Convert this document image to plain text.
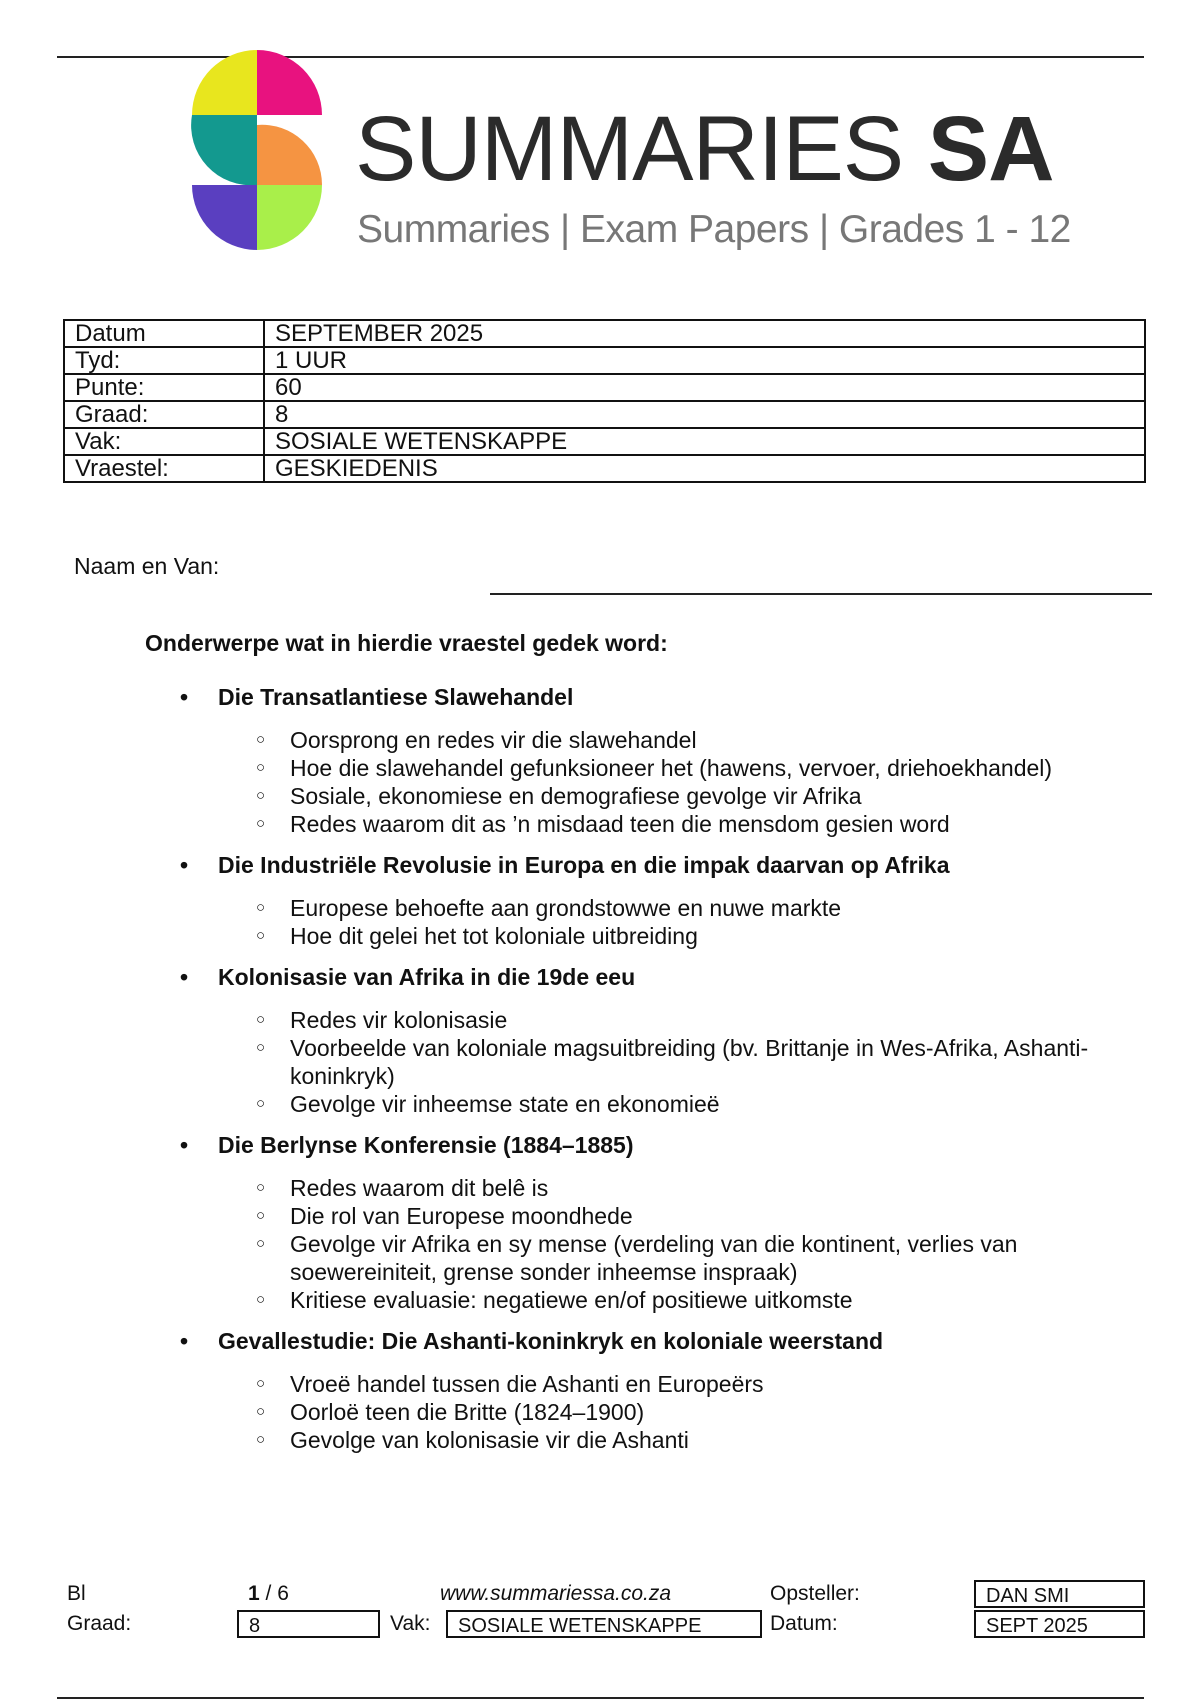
SUMMARIES SA
Summaries | Exam Papers | Grades 1 - 12
Datum	SEPTEMBER 2025
Tyd:	1 UUR
Punte:	60
Graad:	8
Vak:	SOSIALE WETENSKAPPE
Vraestel:	GESKIEDENIS
Naam en Van:
Onderwerpe wat in hierdie vraestel gedek word:
• Die Transatlantiese Slawehandel
○ Oorsprong en redes vir die slawehandel
○ Hoe die slawehandel gefunksioneer het (hawens, vervoer, driehoekhandel)
○ Sosiale, ekonomiese en demografiese gevolge vir Afrika
○ Redes waarom dit as ’n misdaad teen die mensdom gesien word
• Die Industriële Revolusie in Europa en die impak daarvan op Afrika
○ Europese behoefte aan grondstowwe en nuwe markte
○ Hoe dit gelei het tot koloniale uitbreiding
• Kolonisasie van Afrika in die 19de eeu
○ Redes vir kolonisasie
○ Voorbeelde van koloniale magsuitbreiding (bv. Brittanje in Wes-Afrika, Ashanti-koninkryk)
○ Gevolge vir inheemse state en ekonomieë
• Die Berlynse Konferensie (1884–1885)
○ Redes waarom dit belê is
○ Die rol van Europese moondhede
○ Gevolge vir Afrika en sy mense (verdeling van die kontinent, verlies van soewereiniteit, grense sonder inheemse inspraak)
○ Kritiese evaluasie: negatiewe en/of positiewe uitkomste
• Gevallestudie: Die Ashanti-koninkryk en koloniale weerstand
○ Vroeë handel tussen die Ashanti en Europeërs
○ Oorloë teen die Britte (1824–1900)
○ Gevolge van kolonisasie vir die Ashanti
Bl	1 / 6	www.summariessa.co.za	Opsteller:	DAN SMI
Graad:	8	Vak:	SOSIALE WETENSKAPPE	Datum:	SEPT 2025
